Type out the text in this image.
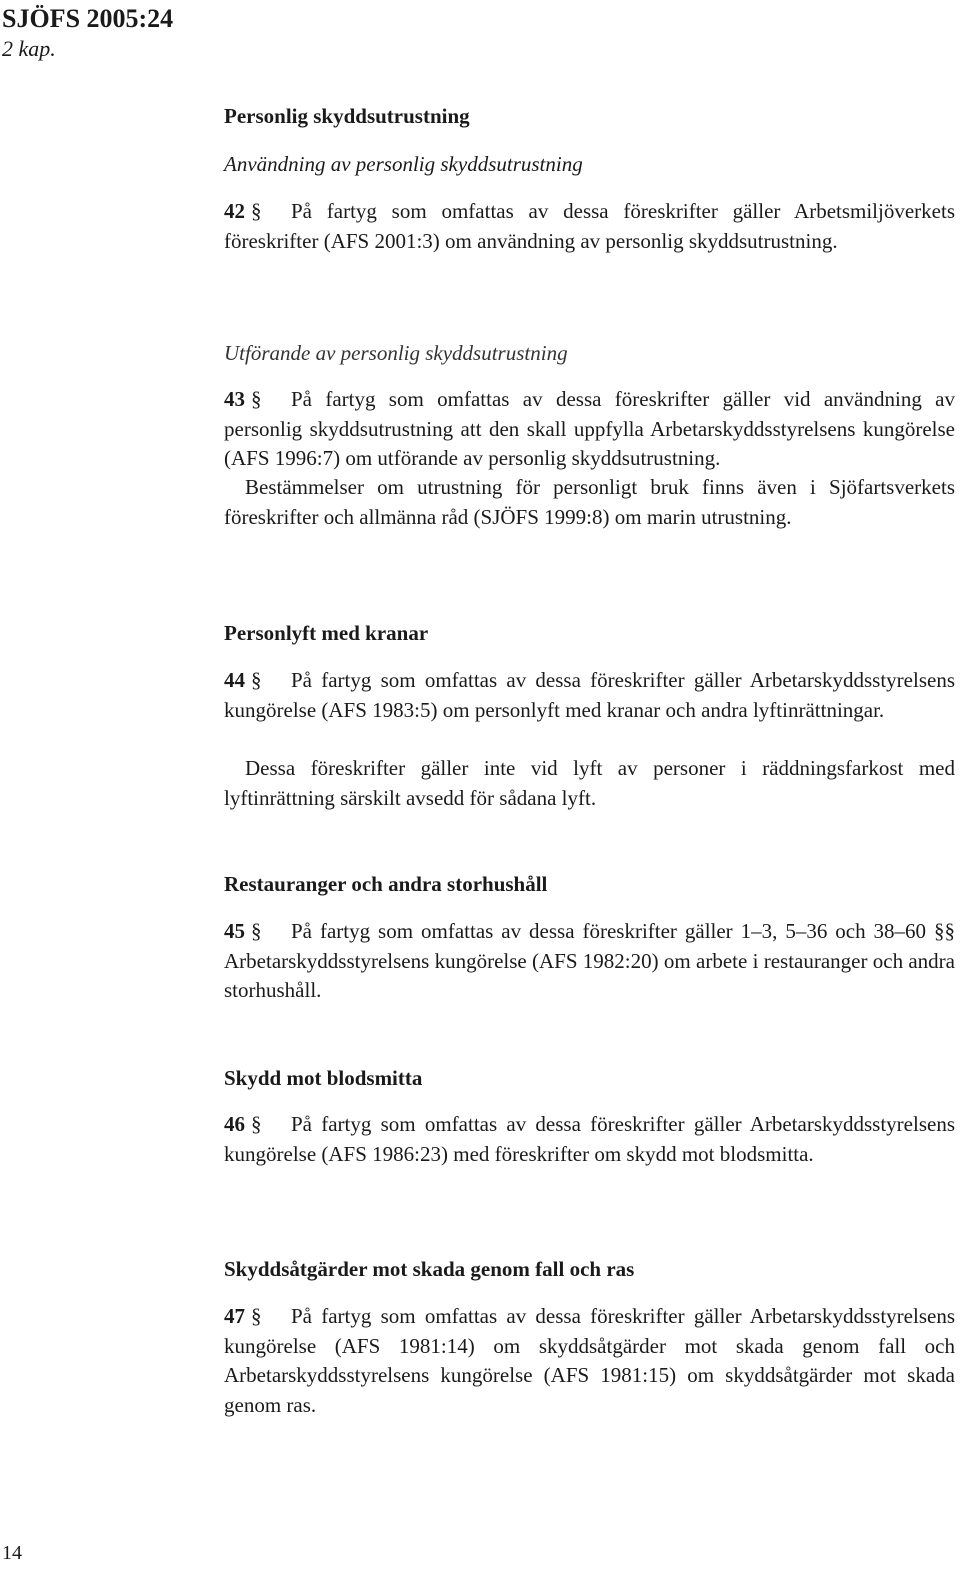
SJÖFS 2005:24
2 kap.
Personlig skyddsutrustning
Användning av personlig skyddsutrustning
42 § På fartyg som omfattas av dessa föreskrifter gäller Arbetsmiljöverkets föreskrifter (AFS 2001:3) om användning av personlig skyddsutrustning.
Utförande av personlig skyddsutrustning
43 § På fartyg som omfattas av dessa föreskrifter gäller vid användning av personlig skyddsutrustning att den skall uppfylla Arbetarskyddsstyrelsens kungörelse (AFS 1996:7) om utförande av personlig skyddsutrustning.
Bestämmelser om utrustning för personligt bruk finns även i Sjöfartsverkets föreskrifter och allmänna råd (SJÖFS 1999:8) om marin utrustning.
Personlyft med kranar
44 § På fartyg som omfattas av dessa föreskrifter gäller Arbetarskyddsstyrelsens kungörelse (AFS 1983:5) om personlyft med kranar och andra lyftinrättningar.
Dessa föreskrifter gäller inte vid lyft av personer i räddningsfarkost med lyftinrättning särskilt avsedd för sådana lyft.
Restauranger och andra storhushåll
45 § På fartyg som omfattas av dessa föreskrifter gäller 1–3, 5–36 och 38–60 §§ Arbetarskyddsstyrelsens kungörelse (AFS 1982:20) om arbete i restauranger och andra storhushåll.
Skydd mot blodsmitta
46 § På fartyg som omfattas av dessa föreskrifter gäller Arbetarskyddsstyrelsens kungörelse (AFS 1986:23) med föreskrifter om skydd mot blodsmitta.
Skyddsåtgärder mot skada genom fall och ras
47 § På fartyg som omfattas av dessa föreskrifter gäller Arbetarskyddsstyrelsens kungörelse (AFS 1981:14) om skyddsåtgärder mot skada genom fall och Arbetarskyddsstyrelsens kungörelse (AFS 1981:15) om skyddsåtgärder mot skada genom ras.
14
